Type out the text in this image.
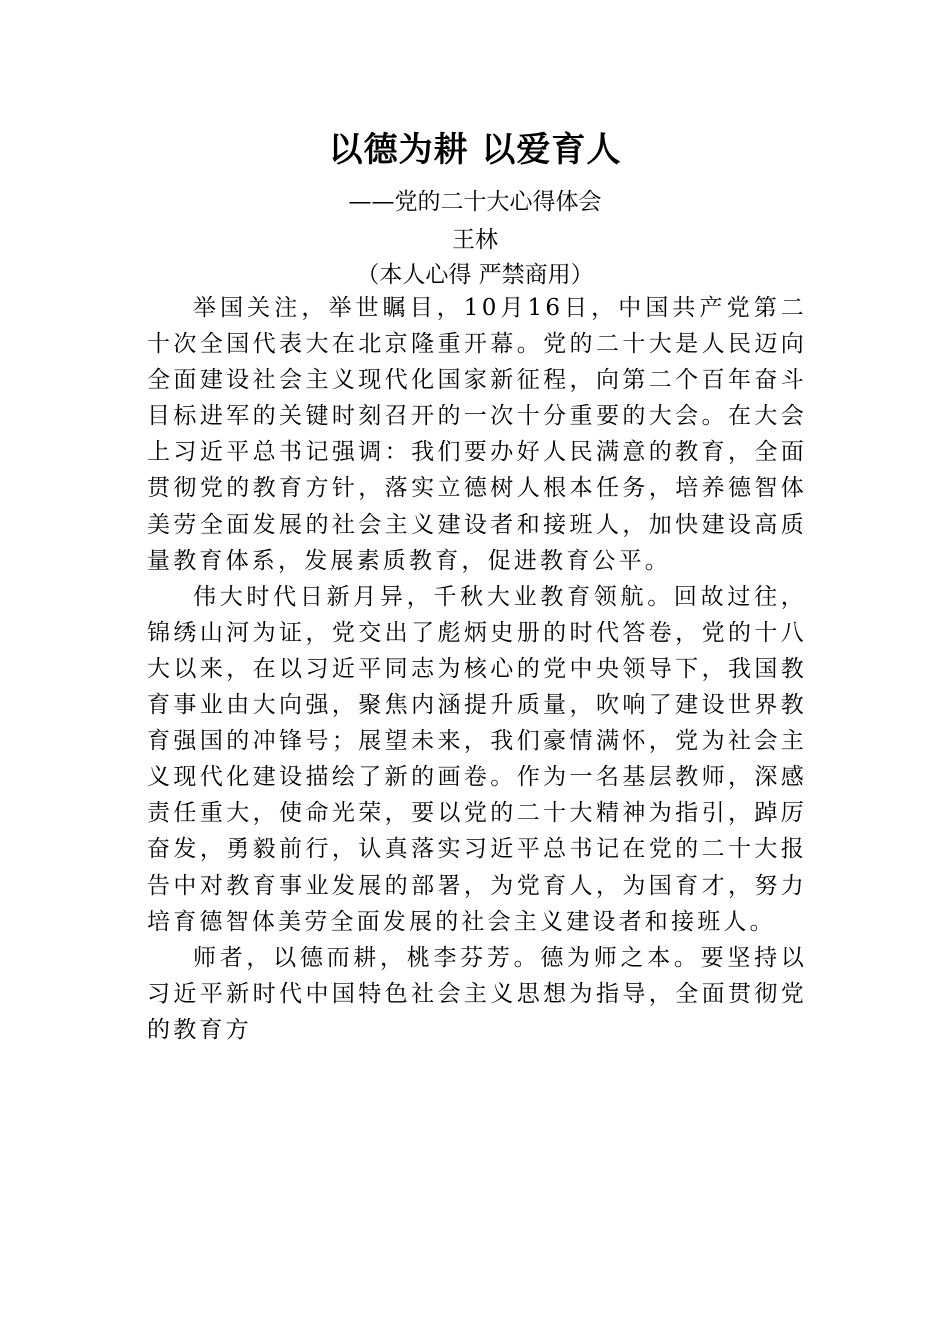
以德为耕 以爱育人
——党的二十大心得体会
王林
（本人心得 严禁商用）

举国关注，举世瞩目，10月16日，中国共产党第二十次全国代表大在北京隆重开幕。党的二十大是人民迈向全面建设社会主义现代化国家新征程，向第二个百年奋斗目标进军的关键时刻召开的一次十分重要的大会。在大会上习近平总书记强调：我们要办好人民满意的教育，全面贯彻党的教育方针，落实立德树人根本任务，培养德智体美劳全面发展的社会主义建设者和接班人，加快建设高质量教育体系，发展素质教育，促进教育公平。

伟大时代日新月异，千秋大业教育领航。回故过往，锦绣山河为证，党交出了彪炳史册的时代答卷，党的十八大以来，在以习近平同志为核心的党中央领导下，我国教育事业由大向强，聚焦内涵提升质量，吹响了建设世界教育强国的冲锋号；展望未来，我们豪情满怀，党为社会主义现代化建设描绘了新的画卷。作为一名基层教师，深感责任重大，使命光荣，要以党的二十大精神为指引，踔厉奋发，勇毅前行，认真落实习近平总书记在党的二十大报告中对教育事业发展的部署，为党育人，为国育才，努力培育德智体美劳全面发展的社会主义建设者和接班人。

师者，以德而耕，桃李芬芳。德为师之本。要坚持以习近平新时代中国特色社会主义思想为指导，全面贯彻党的教育方
